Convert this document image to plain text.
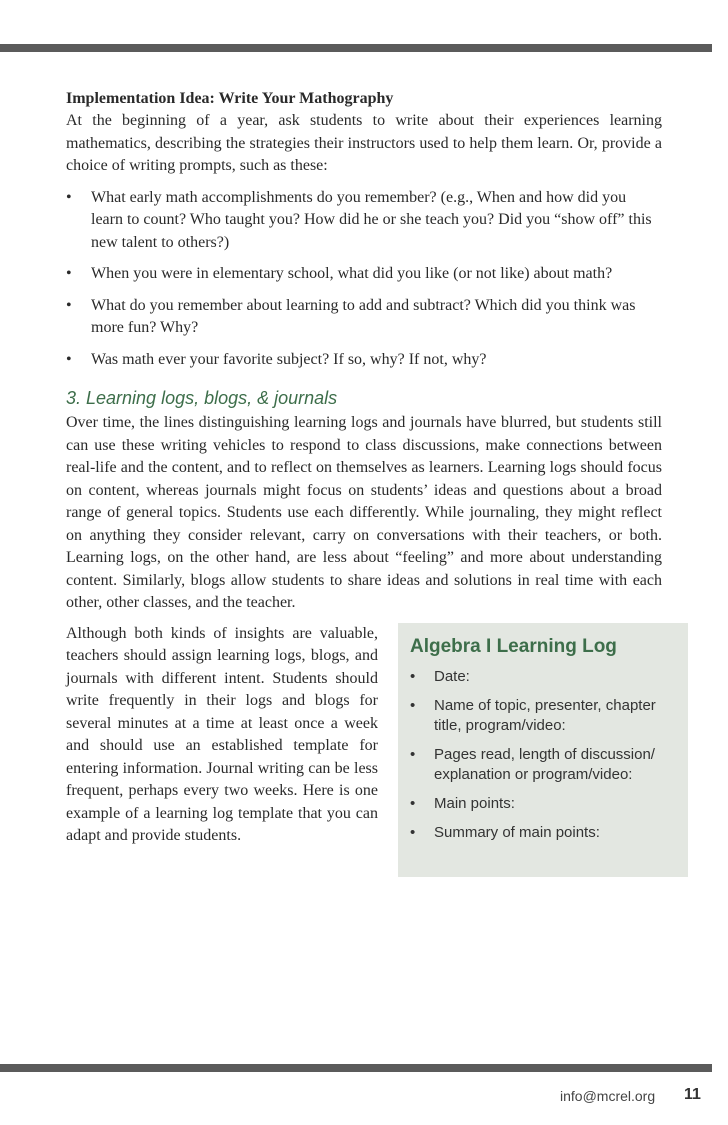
Implementation Idea: Write Your Mathography

At the beginning of a year, ask students to write about their experiences learning mathematics, describing the strategies their instructors used to help them learn. Or, provide a choice of writing prompts, such as these:

• What early math accomplishments do you remember? (e.g., When and how did you learn to count? Who taught you? How did he or she teach you? Did you “show off” this new talent to others?)
• When you were in elementary school, what did you like (or not like) about math?
• What do you remember about learning to add and subtract? Which did you think was more fun? Why?
• Was math ever your favorite subject? If so, why? If not, why?
3. Learning logs, blogs, & journals

Over time, the lines distinguishing learning logs and journals have blurred, but students still can use these writing vehicles to respond to class discussions, make connections between real-life and the content, and to reflect on themselves as learners. Learning logs should focus on content, whereas journals might focus on students’ ideas and questions about a broad range of general topics. Students use each differently. While journaling, they might reflect on anything they consider relevant, carry on conversations with their teachers, or both. Learning logs, on the other hand, are less about “feeling” and more about understanding content. Similarly, blogs allow students to share ideas and solutions in real time with each other, other classes, and the teacher.

Although both kinds of insights are valuable, teachers should assign learning logs, blogs, and journals with different intent. Students should write frequently in their logs and blogs for several minutes at a time at least once a week and should use an established template for entering information. Journal writing can be less frequent, perhaps every two weeks. Here is one example of a learning log template that you can adapt and provide students.

Algebra I Learning Log
• Date:
• Name of topic, presenter, chapter title, program/video:
• Pages read, length of discussion/ explanation or program/video:
• Main points:
• Summary of main points:
info@mcrel.org 11
